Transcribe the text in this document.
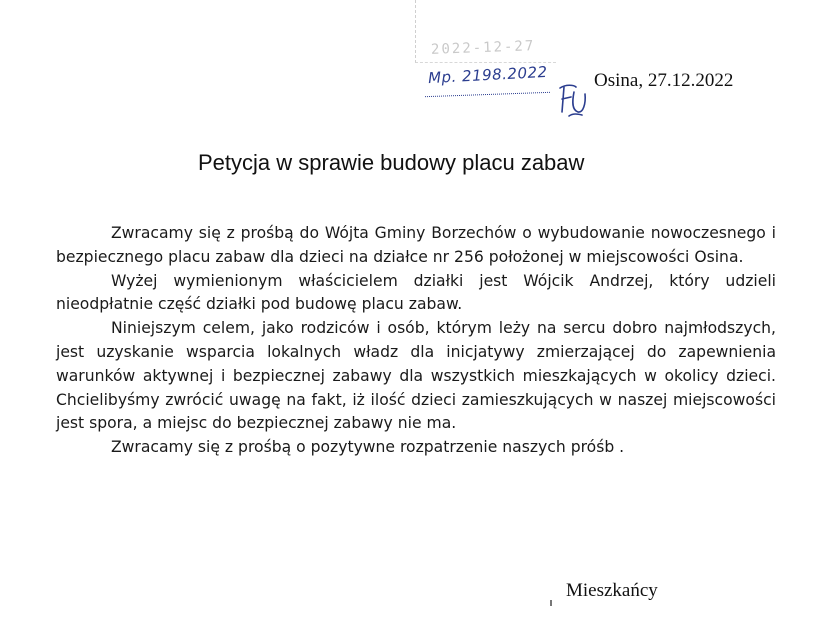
2022-12-27
Mp. 2198.2022 Osina, 27.12.2022
Petycja w sprawie budowy placu zabaw

Zwracamy się z prośbą do Wójta Gminy Borzechów o wybudowanie nowoczesnego i bezpiecznego placu zabaw dla dzieci na działce nr 256 położonej w miejscowości Osina.

Wyżej wymienionym właścicielem działki jest Wójcik Andrzej, który udzieli nieodpłatnie część działki pod budowę placu zabaw.

Niniejszym celem, jako rodziców i osób, którym leży na sercu dobro najmłodszych, jest uzyskanie wsparcia lokalnych władz dla inicjatywy zmierzającej do zapewnienia warunków aktywnej i bezpiecznej zabawy dla wszystkich mieszkających w okolicy dzieci. Chcielibyśmy zwrócić uwagę na fakt, iż ilość dzieci zamieszkujących w naszej miejscowości jest spora, a miejsc do bezpiecznej zabawy nie ma.

Zwracamy się z prośbą o pozytywne rozpatrzenie naszych próśb .

Mieszkańcy
